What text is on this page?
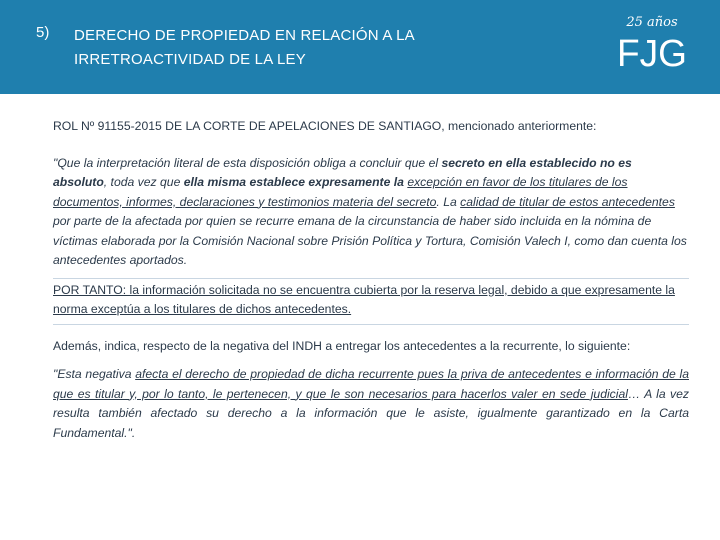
5) DERECHO DE PROPIEDAD EN RELACIÓN A LA
IRRETROACTIVIDAD DE LA LEY
25 años
FJG

ROL Nº 91155-2015 DE LA CORTE DE APELACIONES DE SANTIAGO, mencionado anteriormente:

"Que la interpretación literal de esta disposición obliga a concluir que el secreto en ella establecido no es absoluto, toda vez que ella misma establece expresamente la excepción en favor de los titulares de los documentos, informes, declaraciones y testimonios materia del secreto. La calidad de titular de estos antecedentes por parte de la afectada por quien se recurre emana de la circunstancia de haber sido incluida en la nómina de víctimas elaborada por la Comisión Nacional sobre Prisión Política y Tortura, Comisión Valech I, como dan cuenta los antecedentes aportados.

POR TANTO: la información solicitada no se encuentra cubierta por la reserva legal, debido a que expresamente la norma exceptúa a los titulares de dichos antecedentes.

Además, indica, respecto de la negativa del INDH a entregar los antecedentes a la recurrente, lo siguiente:

"Esta negativa afecta el derecho de propiedad de dicha recurrente pues la priva de antecedentes e información de la que es titular y, por lo tanto, le pertenecen, y que le son necesarios para hacerlos valer en sede judicial… A la vez resulta también afectado su derecho a la información que le asiste, igualmente garantizado en la Carta Fundamental.".
